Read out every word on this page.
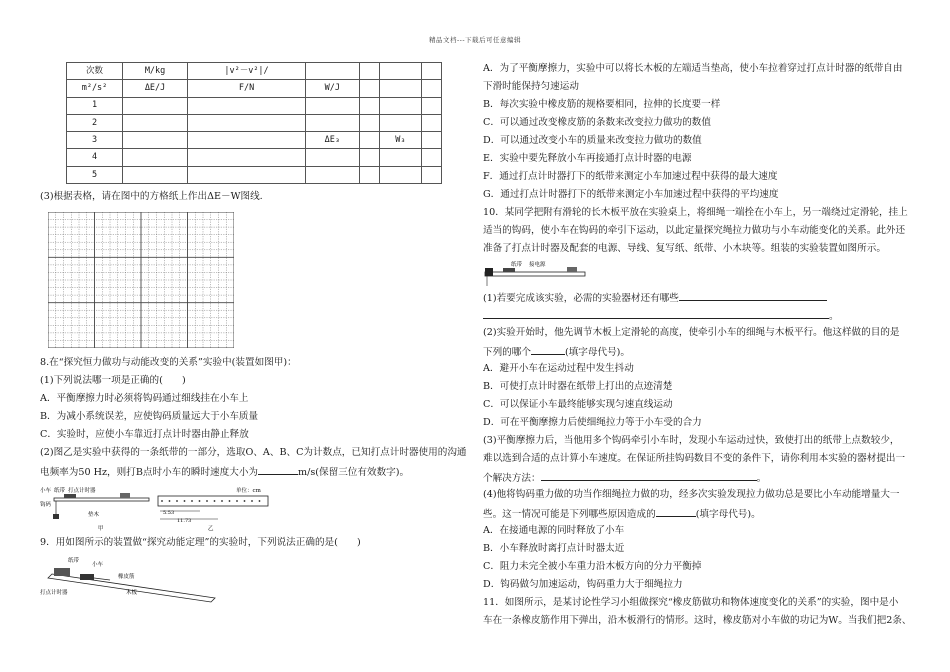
精品文档---下载后可任意编辑
次数	M/kg	|v²－v²|/				
m²/s²	ΔE/J	F/N	W/J			
1						
2						
3			ΔE₃		W₃	
4						
5						

(3)根据表格，请在图中的方格纸上作出ΔE－W图线.

8.在“探究恒力做功与动能改变的关系”实验中(装置如图甲)：

(1)下列说法哪一项是正确的(　　)

A．平衡摩擦力时必须将钩码通过细线挂在小车上

B．为减小系统误差，应使钩码质量远大于小车质量

C．实验时，应使小车靠近打点计时器由静止释放

(2)图乙是实验中获得的一条纸带的一部分，选取O、A、B、C为计数点，已知打点计时器使用的沟通

电频率为50 Hz，则打B点时小车的瞬时速度大小为	m/s(保留三位有效数字)。

小车 纸带 打点计时器
钩码
垫木
甲
单位：cm
5.53
11.73
乙

9．用如图所示的装置做“探究动能定理”的实验时，下列说法正确的是(　　)

纸带
小车
橡皮筋
打点计时器	木板

A．为了平衡摩擦力，实验中可以将长木板的左端适当垫高，使小车拉着穿过打点计时器的纸带自由

下滑时能保持匀速运动

B．每次实验中橡皮筋的规格要相同，拉伸的长度要一样

C．可以通过改变橡皮筋的条数来改变拉力做功的数值

D．可以通过改变小车的质量来改变拉力做功的数值

E．实验中要先释放小车再接通打点计时器的电源

F．通过打点计时器打下的纸带来测定小车加速过程中获得的最大速度

G．通过打点计时器打下的纸带来测定小车加速过程中获得的平均速度

10．某同学把附有滑轮的长木板平放在实验桌上，将细绳一端拴在小车上，另一端绕过定滑轮，挂上

适当的钩码，使小车在钩码的牵引下运动，以此定量探究绳拉力做功与小车动能变化的关系。此外还

准备了打点计时器及配套的电源、导线、复写纸、纸带、小木块等。组装的实验装置如图所示。

纸带 接电源

(1)若要完成该实验，必需的实验器材还有哪些

。

(2)实验开始时，他先调节木板上定滑轮的高度，使牵引小车的细绳与木板平行。他这样做的目的是

下列的哪个	(填字母代号)。

A．避开小车在运动过程中发生抖动

B．可使打点计时器在纸带上打出的点迹清楚

C．可以保证小车最终能够实现匀速直线运动

D．可在平衡摩擦力后使细绳拉力等于小车受的合力

(3)平衡摩擦力后，当他用多个钩码牵引小车时，发现小车运动过快，致使打出的纸带上点数较少，

难以选到合适的点计算小车速度。在保证所挂钩码数目不变的条件下，请你利用本实验的器材提出一

个解决方法：	。

(4)他将钩码重力做的功当作细绳拉力做的功，经多次实验发现拉力做功总是要比小车动能增量大一

些。这一情况可能是下列哪些原因造成的	(填字母代号)。

A．在接通电源的同时释放了小车

B．小车释放时离打点计时器太近

C．阻力未完全被小车重力沿木板方向的分力平衡掉

D．钩码做匀加速运动，钩码重力大于细绳拉力

11．如图所示，是某讨论性学习小组做探究“橡皮筋做功和物体速度变化的关系”的实验，图中是小

车在一条橡皮筋作用下弹出，沿木板滑行的情形。这时，橡皮筋对小车做的功记为W。当我们把2条、
